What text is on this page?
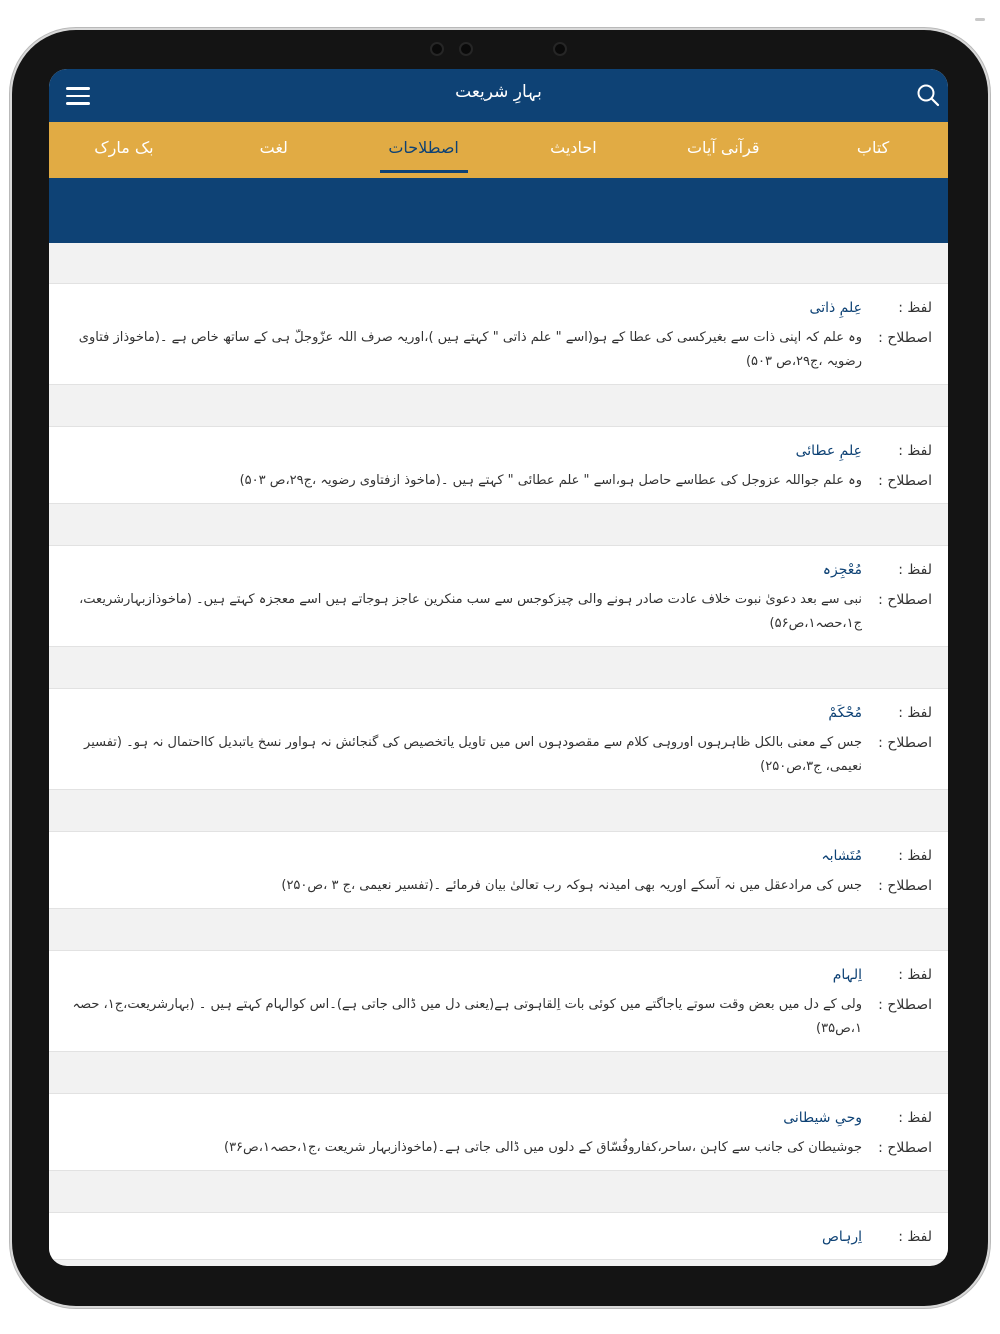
بہارِ شریعت
کتاب
قرآنی آیات
احادیث
اصطلاحات
لغت
بک مارک
لفظ :
عِلمِ ذاتی
اصطلاح :
وہ علم کہ اپنی ذات سے بغیرکسی کی عطا کے ہو(اسے " علم ذاتی " کہتے ہیں )،اوریہ صرف اللہ عزّوجلّ ہی کے ساتھ خاص ہے ۔(ماخوذاز فتاوی رضویہ ،ج۲۹،ص ۵۰۳)
لفظ :
عِلمِ عطائی
اصطلاح :
وہ علم جواللہ عزوجل کی عطاسے حاصل ہو،اسے " علم عطائی " کہتے ہیں ۔(ماخوذ ازفتاوی رضویہ ،ج۲۹،ص ۵۰۳)
لفظ :
مُعْجِزہ
اصطلاح :
نبی سے بعد دعویٰ نبوت خلاف عادت صادر ہونے والی چیزکوجس سے سب منکرین عاجز ہوجاتے ہیں اسے معجزہ کہتے ہیں۔ (ماخوذازبہارشریعت، ج۱،حصہ۱،ص۵۶)
لفظ :
مُحْکَمْ
اصطلاح :
جس کے معنی بالکل ظاہرہوں اوروہی کلام سے مقصودہوں اس میں تاویل یاتخصیص کی گنجائش نہ ہواور نسخ یاتبدیل کااحتمال نہ ہو۔ (تفسیر نعیمی، ج۳،ص۲۵۰)
لفظ :
مُتَشابہ
اصطلاح :
جس کی مرادعقل میں نہ آسکے اوریہ بھی امیدنہ ہوکہ رب تعالیٰ بیان فرمائے ۔(تفسیر نعیمی ،ج ۳ ،ص۲۵۰)
لفظ :
اِلہام
اصطلاح :
ولی کے دل میں بعض وقت سوتے یاجاگتے میں کوئی بات اِلقاہوتی ہے(یعنی دل میں ڈالی جاتی ہے)۔اس کوالہام کہتے ہیں ۔ (بہارشریعت،ج۱، حصہ ۱،ص۳۵)
لفظ :
وحیِ شیطانی
اصطلاح :
جوشیطان کی جانب سے کاہن ،ساحر،کفاروفُسّاق کے دلوں میں ڈالی جاتی ہے۔(ماخوذازبہار شریعت ،ج۱،حصہ۱،ص۳۶)
لفظ :
اِرہاص
